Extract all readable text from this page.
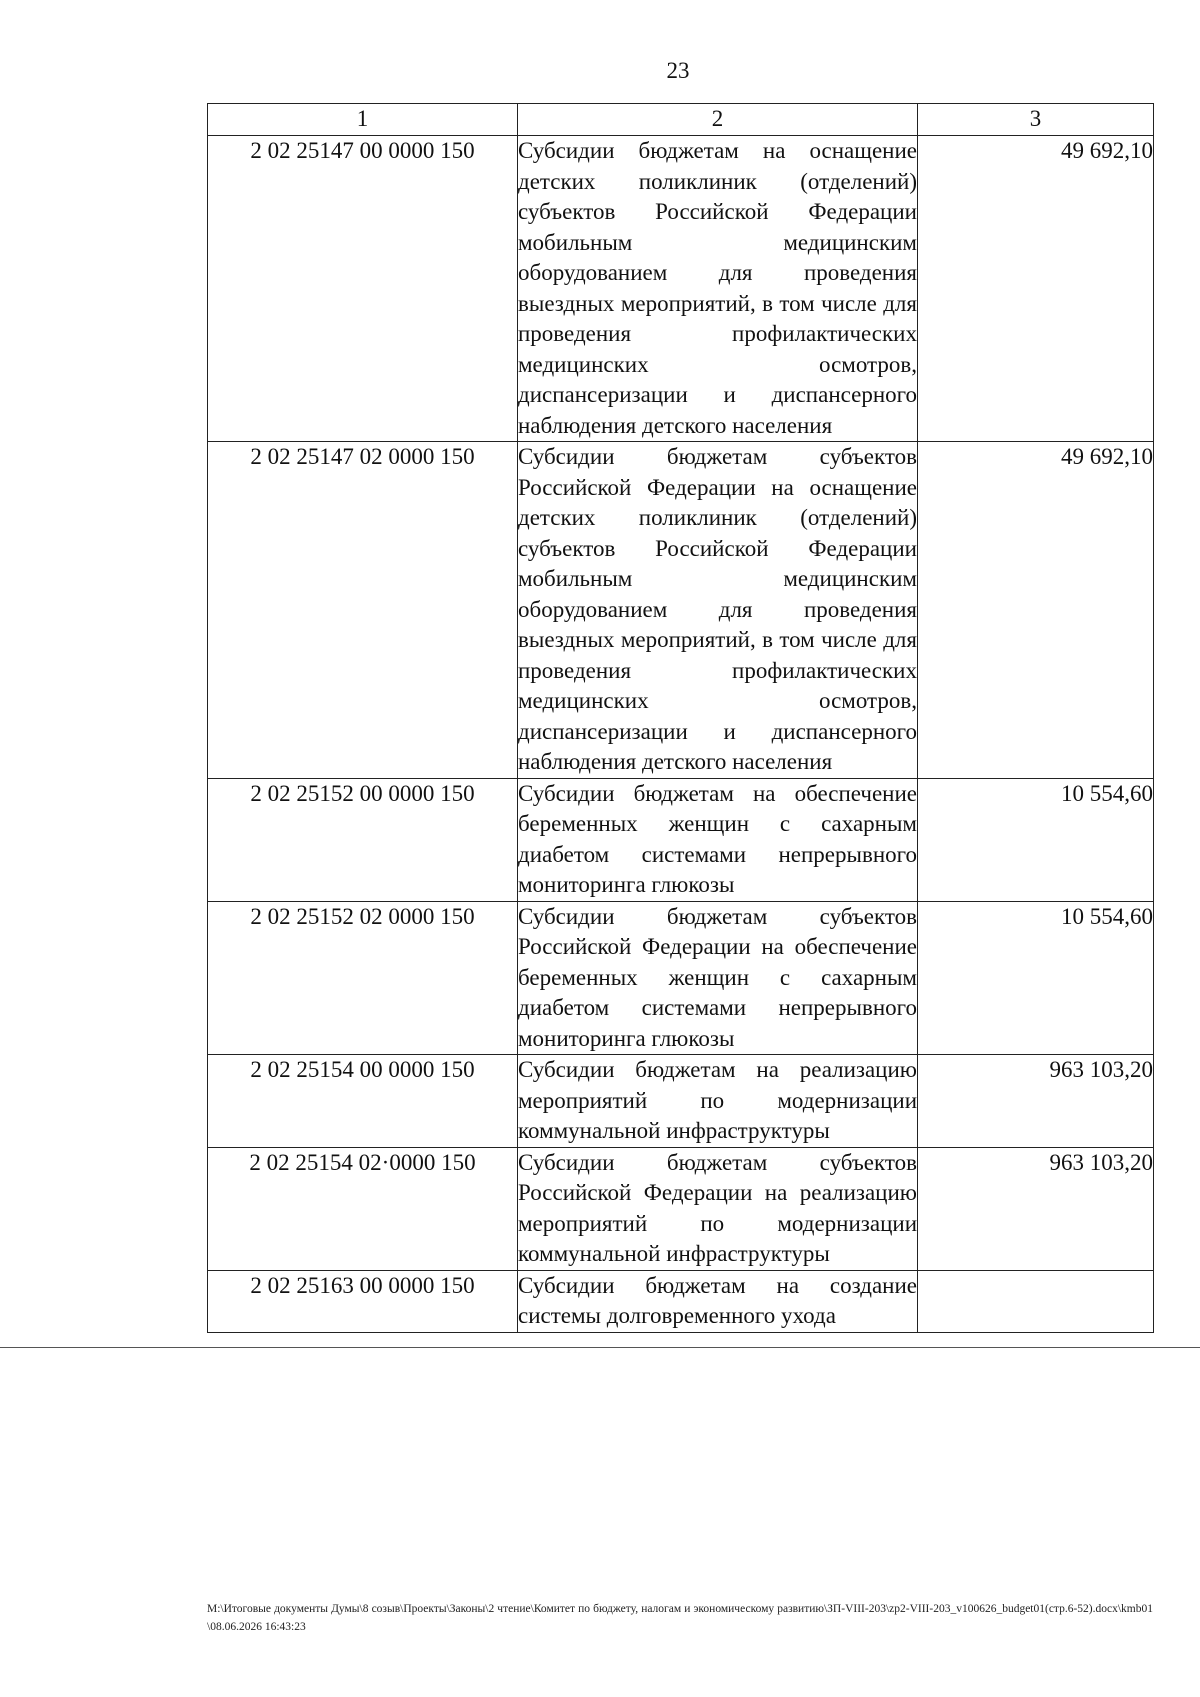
23
1	2	3
2 02 25147 00 0000 150	Субсидии бюджетам на оснащение детских поликлиник (отделений) субъектов Российской Федерации мобильным медицинским оборудованием для проведения выездных мероприятий, в том числе для проведения профилактических медицинских осмотров, диспансеризации и диспансерного наблюдения детского населения	49 692,10
2 02 25147 02 0000 150	Субсидии бюджетам субъектов Российской Федерации на оснащение детских поликлиник (отделений) субъектов Российской Федерации мобильным медицинским оборудованием для проведения выездных мероприятий, в том числе для проведения профилактических медицинских осмотров, диспансеризации и диспансерного наблюдения детского населения	49 692,10
2 02 25152 00 0000 150	Субсидии бюджетам на обеспечение беременных женщин с сахарным диабетом системами непрерывного мониторинга глюкозы	10 554,60
2 02 25152 02 0000 150	Субсидии бюджетам субъектов Российской Федерации на обеспечение беременных женщин с сахарным диабетом системами непрерывного мониторинга глюкозы	10 554,60
2 02 25154 00 0000 150	Субсидии бюджетам на реализацию мероприятий по модернизации коммунальной инфраструктуры	963 103,20
2 02 25154 02·0000 150	Субсидии бюджетам субъектов Российской Федерации на реализацию мероприятий по модернизации коммунальной инфраструктуры	963 103,20
2 02 25163 00 0000 150	Субсидии бюджетам на создание системы долговременного ухода	
M:\Итоговые документы Думы\8 созыв\Проекты\Законы\2 чтение\Комитет по бюджету, налогам и экономическому развитию\ЗП-VIII-203\zp2-VIII-203_v100626_budget01(стр.6-52).docx\kmb01\08.06.2026 16:43:23
